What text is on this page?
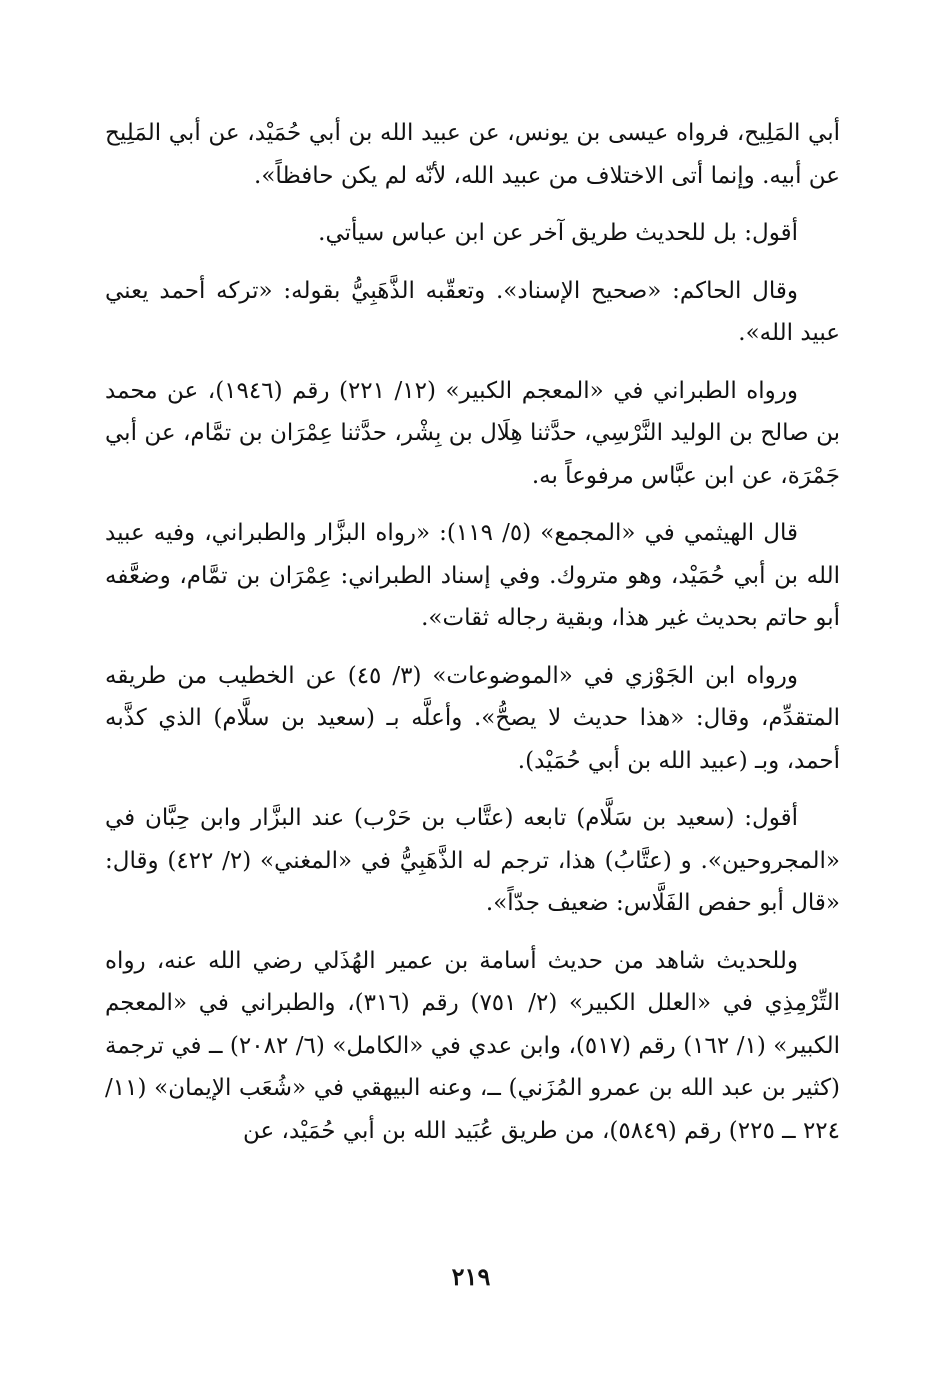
أبي المَلِيح، فرواه عيسى بن يونس، عن عبيد الله بن أبي حُمَيْد، عن أبي المَلِيح عن أبيه. وإنما أتى الاختلاف من عبيد الله، لأنّه لم يكن حافظاً».

أقول: بل للحديث طريق آخر عن ابن عباس سيأتي.

وقال الحاكم: «صحيح الإسناد». وتعقّبه الذَّهَبِيُّ بقوله: «تركه أحمد يعني عبيد الله».

ورواه الطبراني في «المعجم الكبير» (١٢/ ٢٢١) رقم (١٩٤٦)، عن محمد بن صالح بن الوليد النَّرْسِي، حدَّثنا هِلَال بن بِشْر، حدَّثنا عِمْرَان بن تمَّام، عن أبي جَمْرَة، عن ابن عبَّاس مرفوعاً به.

قال الهيثمي في «المجمع» (٥/ ١١٩): «رواه البزَّار والطبراني، وفيه عبيد الله بن أبي حُمَيْد، وهو متروك. وفي إسناد الطبراني: عِمْرَان بن تمَّام، وضعَّفه أبو حاتم بحديث غير هذا، وبقية رجاله ثقات».

ورواه ابن الجَوْزي في «الموضوعات» (٣/ ٤٥) عن الخطيب من طريقه المتقدِّم، وقال: «هذا حديث لا يصحُّ». وأعلَّه بـ (سعيد بن سلَّام) الذي كذَّبه أحمد، وبـ (عبيد الله بن أبي حُمَيْد).

أقول: (سعيد بن سَلَّام) تابعه (عتَّاب بن حَرْب) عند البزَّار وابن حِبَّان في «المجروحين». و (عتَّابُ) هذا، ترجم له الذَّهَبِيُّ في «المغني» (٢/ ٤٢٢) وقال: «قال أبو حفص الفَلَّاس: ضعيف جدّاً».

وللحديث شاهد من حديث أسامة بن عمير الهُذَلي رضي الله عنه، رواه التِّرْمِذِي في «العلل الكبير» (٢/ ٧٥١) رقم (٣١٦)، والطبراني في «المعجم الكبير» (١/ ١٦٢) رقم (٥١٧)، وابن عدي في «الكامل» (٦/ ٢٠٨٢) ــ في ترجمة (كثير بن عبد الله بن عمرو المُزَني) ــ، وعنه البيهقي في «شُعَب الإيمان» (١١/ ٢٢٤ ــ ٢٢٥) رقم (٥٨٤٩)، من طريق عُبَيد الله بن أبي حُمَيْد، عن

٢١٩
